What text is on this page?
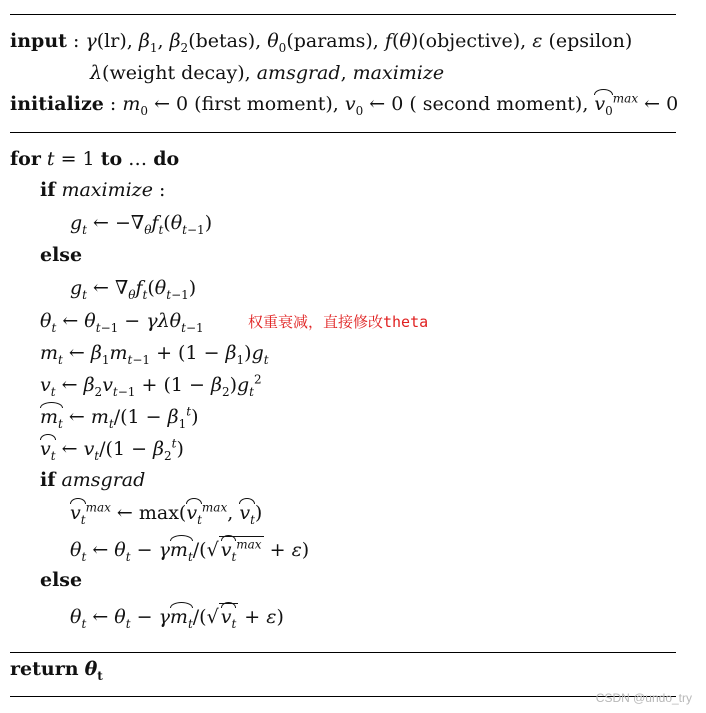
input : γ(lr), $\beta_1$, $\beta_2(betas)$, $\theta_0(params)$, f(θ)(objective), ε (epsilon)
λ(weight decay), amsgrad, maximize
initialize : $m_0$ ← 0 (first moment), $v_0$ ← 0 ( second moment), $v_0^{max}$ ← 0
for t = 1 to … do
if maximize :
$g_t$ ← $-\nabla_\theta f_t(\theta_{t-1})$
else
$g_t$ ← $\nabla_\theta f_t(\theta_{t-1})$
$\theta_t$ ← $\theta_{t-1} - \gamma\lambda\theta_{t-1}$	权重衰减，直接修改theta
$m_t$ ← $\beta_1m_{t-1} + (1 - \beta_1)g_t$
$v_t$ ← $\beta_2v_{t-1} + (1 - \beta_2)g_t^2$
$m_t$ ← $m_t/(1 - \beta_1^t)$
$v_t$ ← $v_t/(1 - \beta_2^t)$
if amsgrad
$v_t^{max}$ ← $\max(v_t^{max}$, $v_t$)
$\theta_t$ ← $\theta_t - \gamma m_t/(√$ $v_t^{max} + \varepsilon$)
else
$\theta_t$ ← $\theta_t - \gamma m_t/(√$ $v_t + \varepsilon$)
return $\theta_t$
CSDN @undo_try
